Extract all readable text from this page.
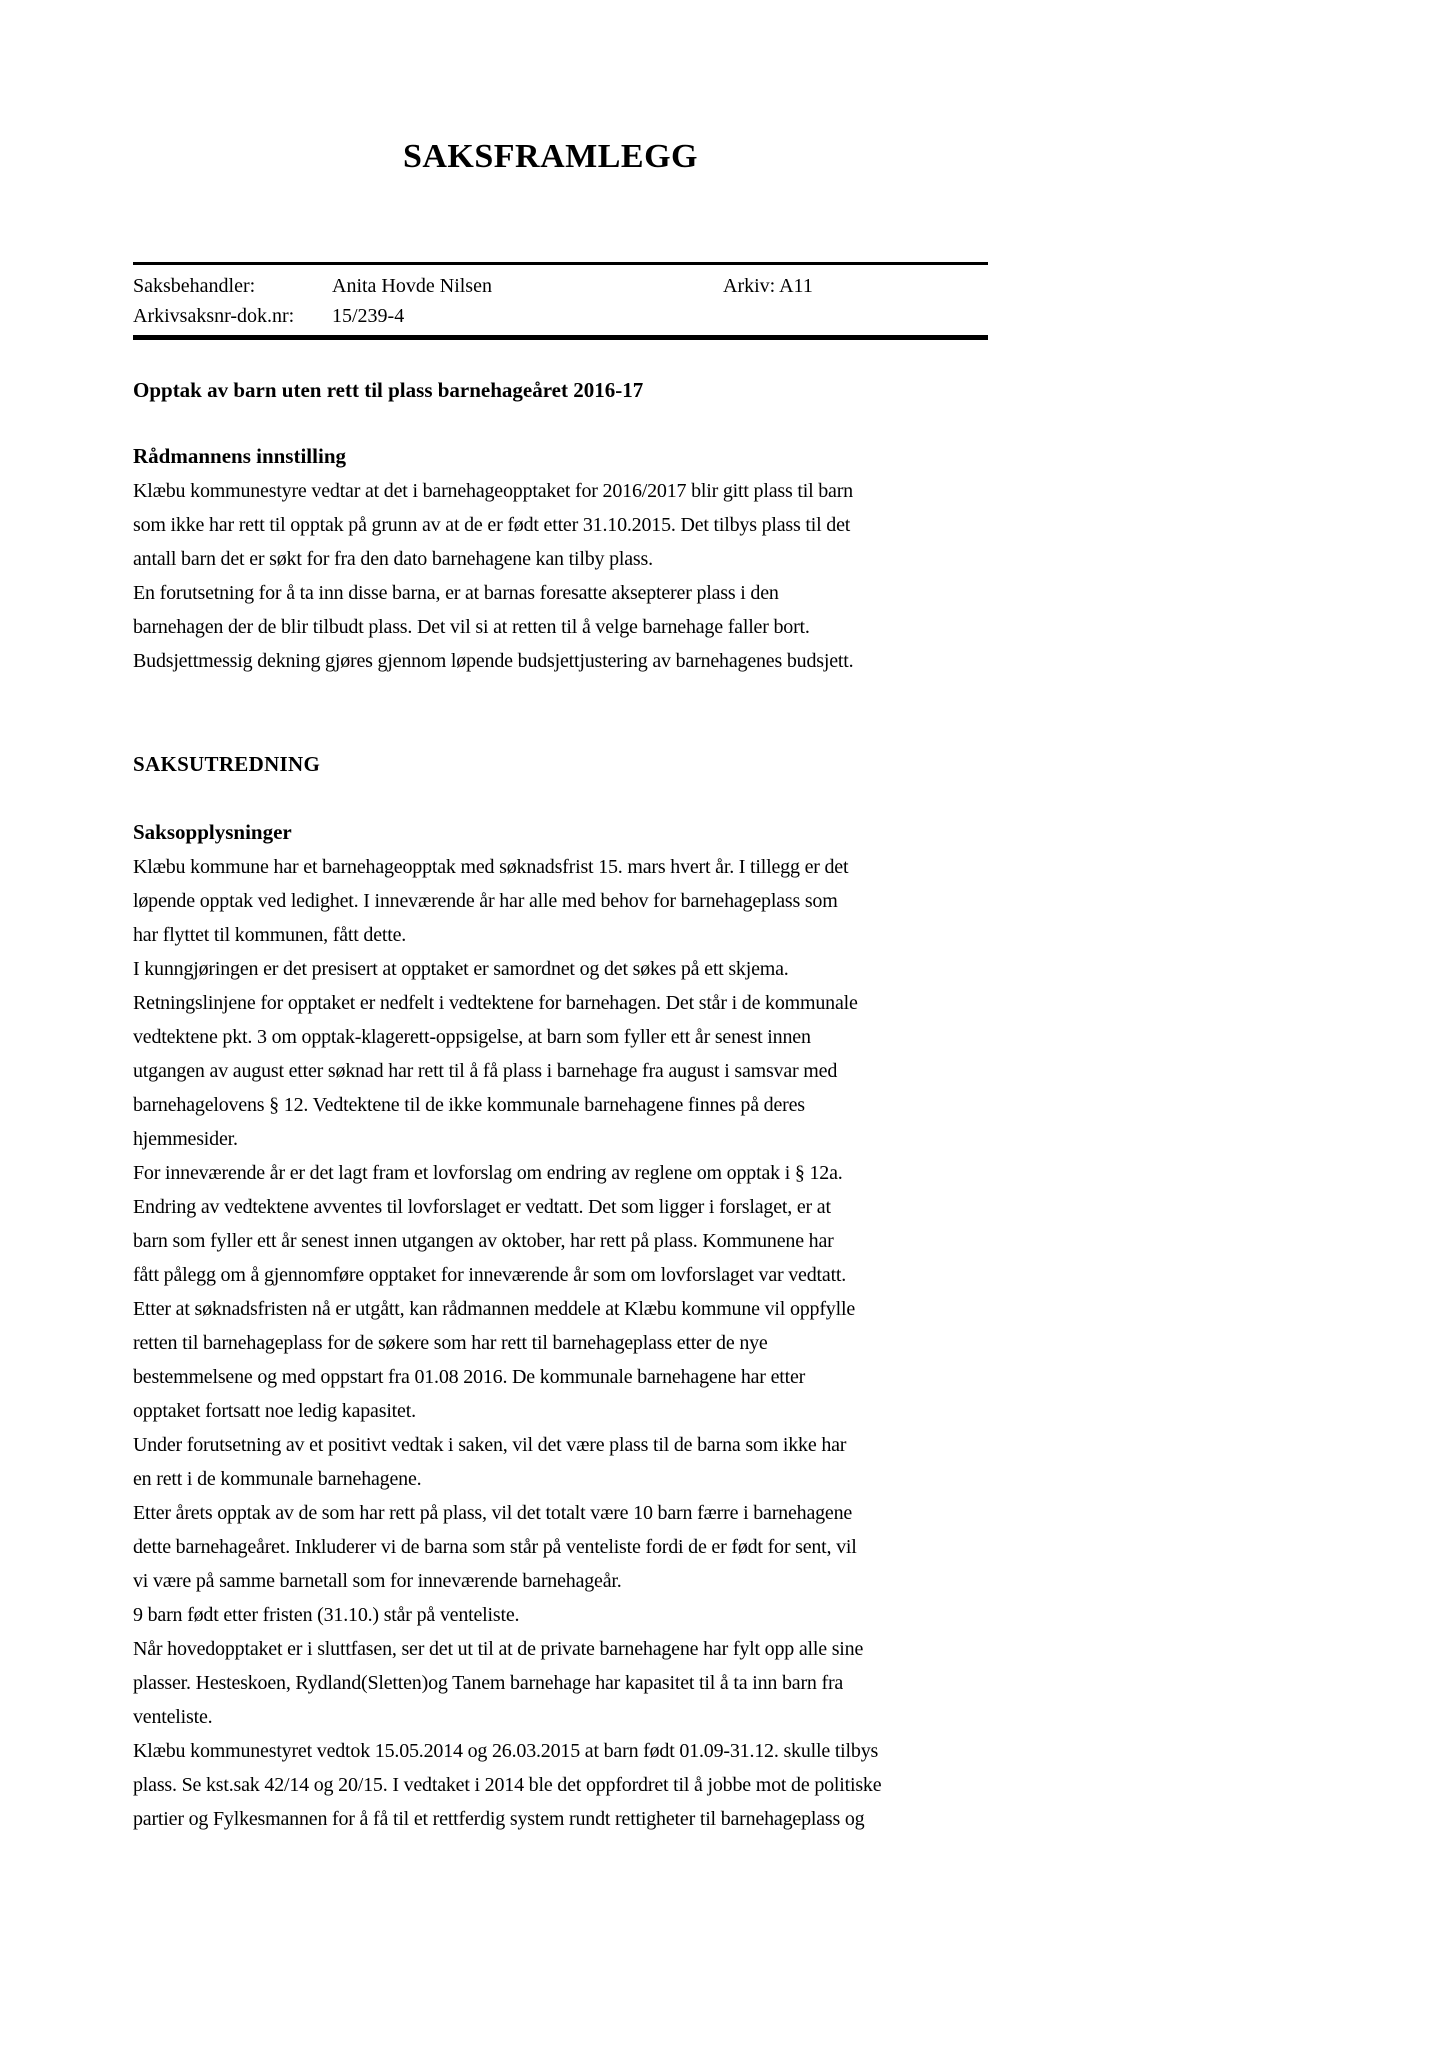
SAKSFRAMLEGG
Saksbehandler:	Anita Hovde Nilsen	Arkiv: A11
Arkivsaksnr-dok.nr: 15/239-4
Opptak av barn uten rett til plass barnehageåret 2016-17
Rådmannens innstilling
Klæbu kommunestyre vedtar at det i barnehageopptaket for 2016/2017 blir gitt plass til barn
som ikke har rett til opptak på grunn av at de er født etter 31.10.2015. Det tilbys plass til det
antall barn det er søkt for fra den dato barnehagene kan tilby plass.
En forutsetning for å ta inn disse barna, er at barnas foresatte aksepterer plass i den
barnehagen der de blir tilbudt plass. Det vil si at retten til å velge barnehage faller bort.
Budsjettmessig dekning gjøres gjennom løpende budsjettjustering av barnehagenes budsjett.
SAKSUTREDNING
Saksopplysninger
Klæbu kommune har et barnehageopptak med søknadsfrist 15. mars hvert år. I tillegg er det
løpende opptak ved ledighet. I inneværende år har alle med behov for barnehageplass som
har flyttet til kommunen, fått dette.
I kunngjøringen er det presisert at opptaket er samordnet og det søkes på ett skjema.
Retningslinjene for opptaket er nedfelt i vedtektene for barnehagen. Det står i de kommunale
vedtektene pkt. 3 om opptak-klagerett-oppsigelse, at barn som fyller ett år senest innen
utgangen av august etter søknad har rett til å få plass i barnehage fra august i samsvar med
barnehagelovens § 12. Vedtektene til de ikke kommunale barnehagene finnes på deres
hjemmesider.
For inneværende år er det lagt fram et lovforslag om endring av reglene om opptak i § 12a.
Endring av vedtektene avventes til lovforslaget er vedtatt. Det som ligger i forslaget, er at
barn som fyller ett år senest innen utgangen av oktober, har rett på plass. Kommunene har
fått pålegg om å gjennomføre opptaket for inneværende år som om lovforslaget var vedtatt.
Etter at søknadsfristen nå er utgått, kan rådmannen meddele at Klæbu kommune vil oppfylle
retten til barnehageplass for de søkere som har rett til barnehageplass etter de nye
bestemmelsene og med oppstart fra 01.08 2016. De kommunale barnehagene har etter
opptaket fortsatt noe ledig kapasitet.
Under forutsetning av et positivt vedtak i saken, vil det være plass til de barna som ikke har
en rett i de kommunale barnehagene.
Etter årets opptak av de som har rett på plass, vil det totalt være 10 barn færre i barnehagene
dette barnehageåret. Inkluderer vi de barna som står på venteliste fordi de er født for sent, vil
vi være på samme barnetall som for inneværende barnehageår.
9 barn født etter fristen (31.10.) står på venteliste.
Når hovedopptaket er i sluttfasen, ser det ut til at de private barnehagene har fylt opp alle sine
plasser. Hesteskoen, Rydland(Sletten)og Tanem barnehage har kapasitet til å ta inn barn fra
venteliste.
Klæbu kommunestyret vedtok 15.05.2014 og 26.03.2015 at barn født 01.09-31.12. skulle tilbys
plass. Se kst.sak 42/14 og 20/15. I vedtaket i 2014 ble det oppfordret til å jobbe mot de politiske
partier og Fylkesmannen for å få til et rettferdig system rundt rettigheter til barnehageplass og
